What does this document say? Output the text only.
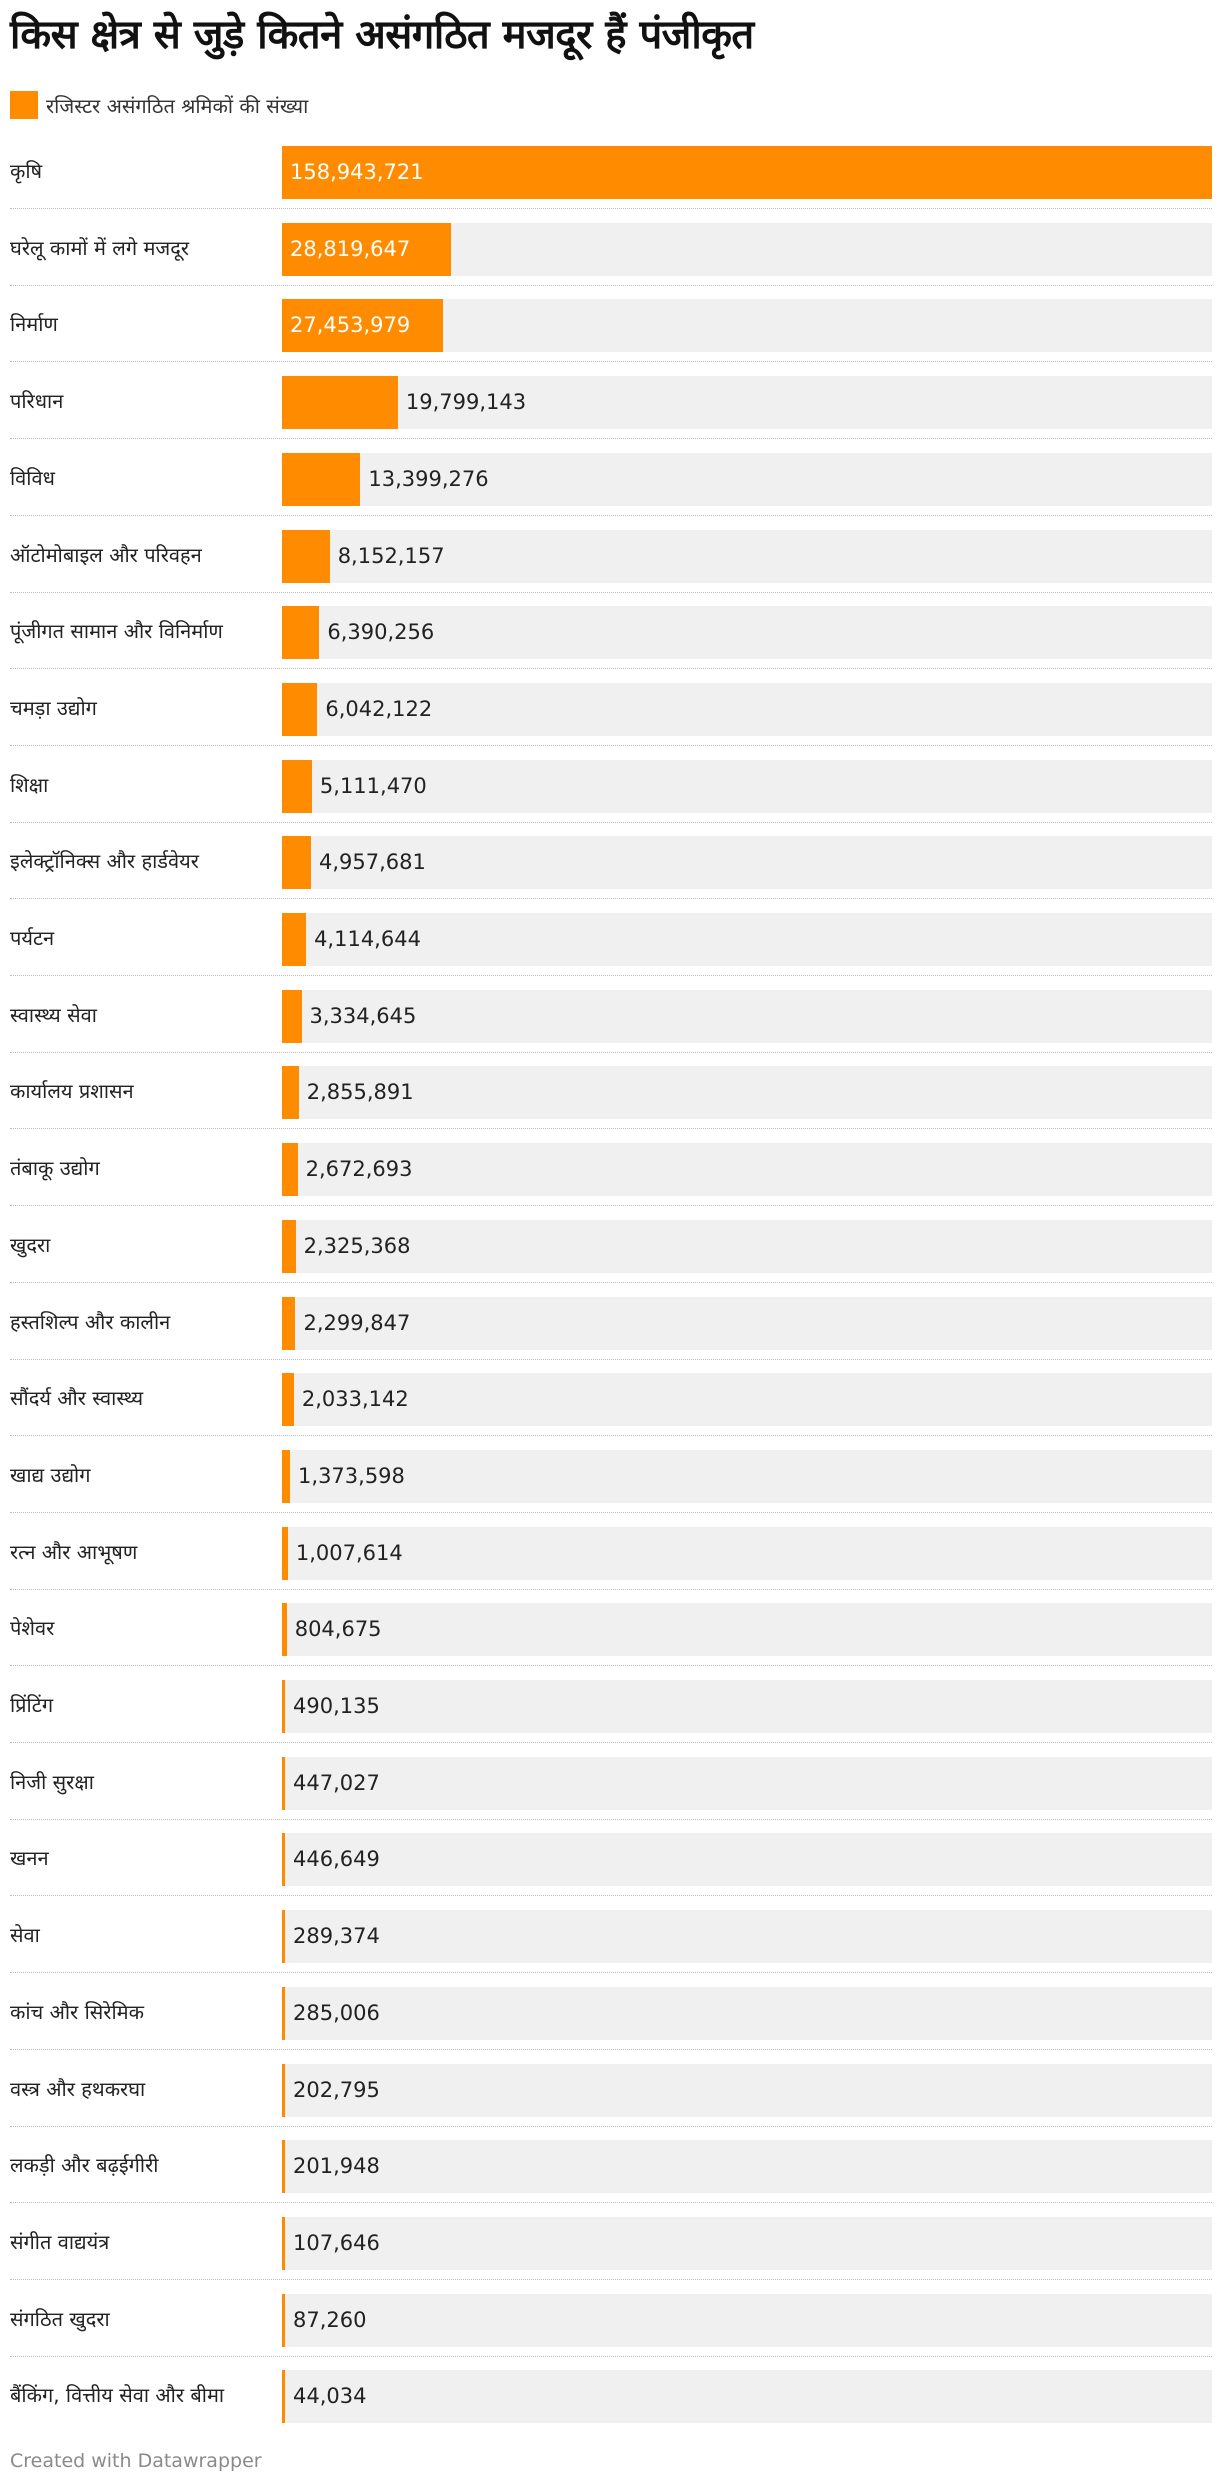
किस क्षेत्र से जुड़े कितने असंगठित मजदूर हैं पंजीकृत
रजिस्टर असंगठित श्रमिकों की संख्या
कृषि	158,943,721
घरेलू कामों में लगे मजदूर	28,819,647
निर्माण	27,453,979
परिधान	19,799,143
विविध	13,399,276
ऑटोमोबाइल और परिवहन	8,152,157
पूंजीगत सामान और विनिर्माण	6,390,256
चमड़ा उद्योग	6,042,122
शिक्षा	5,111,470
इलेक्ट्रॉनिक्स और हार्डवेयर	4,957,681
पर्यटन	4,114,644
स्वास्थ्य सेवा	3,334,645
कार्यालय प्रशासन	2,855,891
तंबाकू उद्योग	2,672,693
खुदरा	2,325,368
हस्तशिल्प और कालीन	2,299,847
सौंदर्य और स्वास्थ्य	2,033,142
खाद्य उद्योग	1,373,598
रत्न और आभूषण	1,007,614
पेशेवर	804,675
प्रिंटिंग	490,135
निजी सुरक्षा	447,027
खनन	446,649
सेवा	289,374
कांच और सिरेमिक	285,006
वस्त्र और हथकरघा	202,795
लकड़ी और बढ़ईगीरी	201,948
संगीत वाद्ययंत्र	107,646
संगठित खुदरा	87,260
बैंकिंग, वित्तीय सेवा और बीमा	44,034
Created with Datawrapper
